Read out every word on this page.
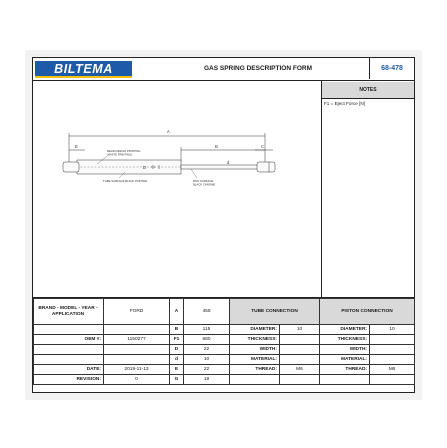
BILTEMA	GAS SPRING DESCRIPTION FORM	68-478
NOTES
F1 = Eject Force [N]
A
B	C
E
D
d
REAR DESIGN PRINTING
(WHITE PRINTING)
TUBE SURFACE BLACK PAINTED	ROD SURFACE
BLACK CHROME
BRAND - MODEL - YEAR - APPLICATION	FORD	A	455	TUBE CONNECTION		PISTON CONNECTION	
		B	115	DIAMETER:	10	DIAMETER:	10
OEM #:	1150277	F1	680	THICKNESS:		THICKNESS:	
		D	22	WIDTH:		WIDTH:	
		d	10	MATERIAL:		MATERIAL:	
DATE:	2019-11-13	E	22	THREAD:	M6	THREAD:	M6
REVISION:	0	G	18				
